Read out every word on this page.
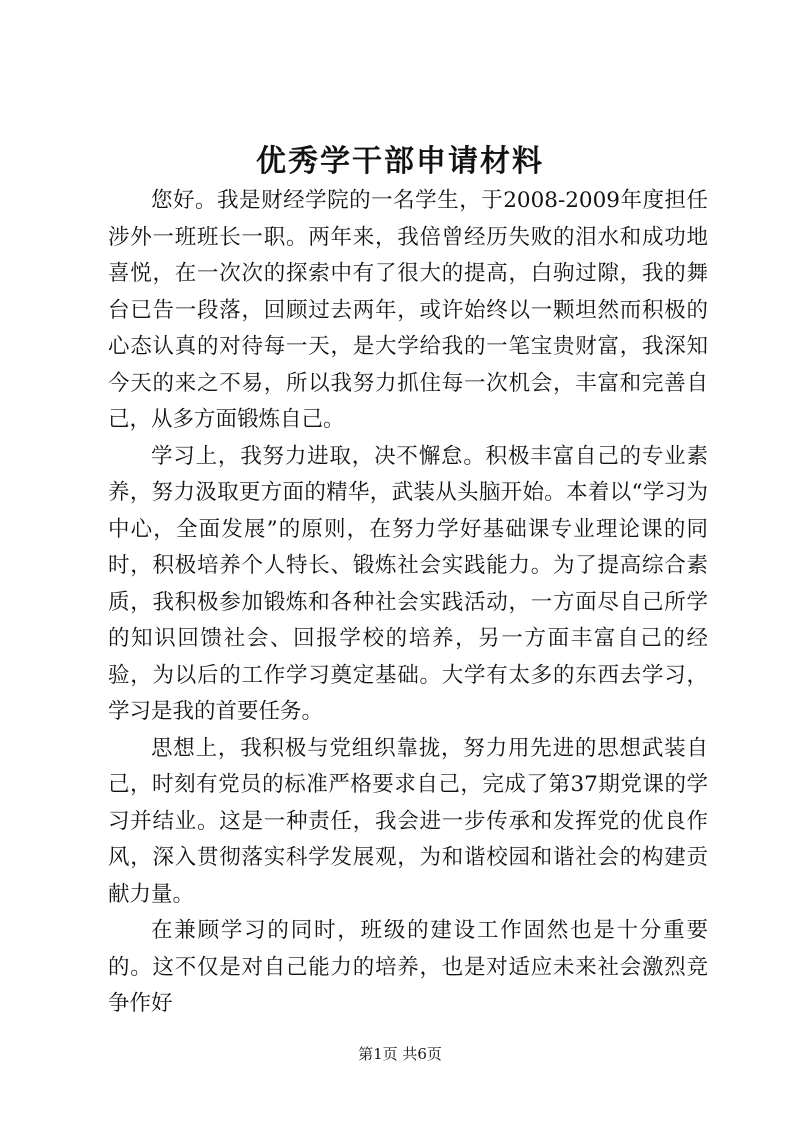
优秀学干部申请材料

您好。我是财经学院的一名学生，于2008-2009年度担任涉外一班班长一职。两年来，我倍曾经历失败的泪水和成功地喜悦，在一次次的探索中有了很大的提高，白驹过隙，我的舞台已告一段落，回顾过去两年，或许始终以一颗坦然而积极的心态认真的对待每一天，是大学给我的一笔宝贵财富，我深知今天的来之不易，所以我努力抓住每一次机会，丰富和完善自己，从多方面锻炼自己。

学习上，我努力进取，决不懈怠。积极丰富自己的专业素养，努力汲取更方面的精华，武装从头脑开始。本着以“学习为中心，全面发展”的原则，在努力学好基础课专业理论课的同时，积极培养个人特长、锻炼社会实践能力。为了提高综合素质，我积极参加锻炼和各种社会实践活动，一方面尽自己所学的知识回馈社会、回报学校的培养，另一方面丰富自己的经验，为以后的工作学习奠定基础。大学有太多的东西去学习，学习是我的首要任务。

思想上，我积极与党组织靠拢，努力用先进的思想武装自己，时刻有党员的标准严格要求自己，完成了第37期党课的学习并结业。这是一种责任，我会进一步传承和发挥党的优良作风，深入贯彻落实科学发展观，为和谐校园和谐社会的构建贡献力量。

在兼顾学习的同时，班级的建设工作固然也是十分重要的。这不仅是对自己能力的培养，也是对适应未来社会激烈竞争作好

第1页 共6页
